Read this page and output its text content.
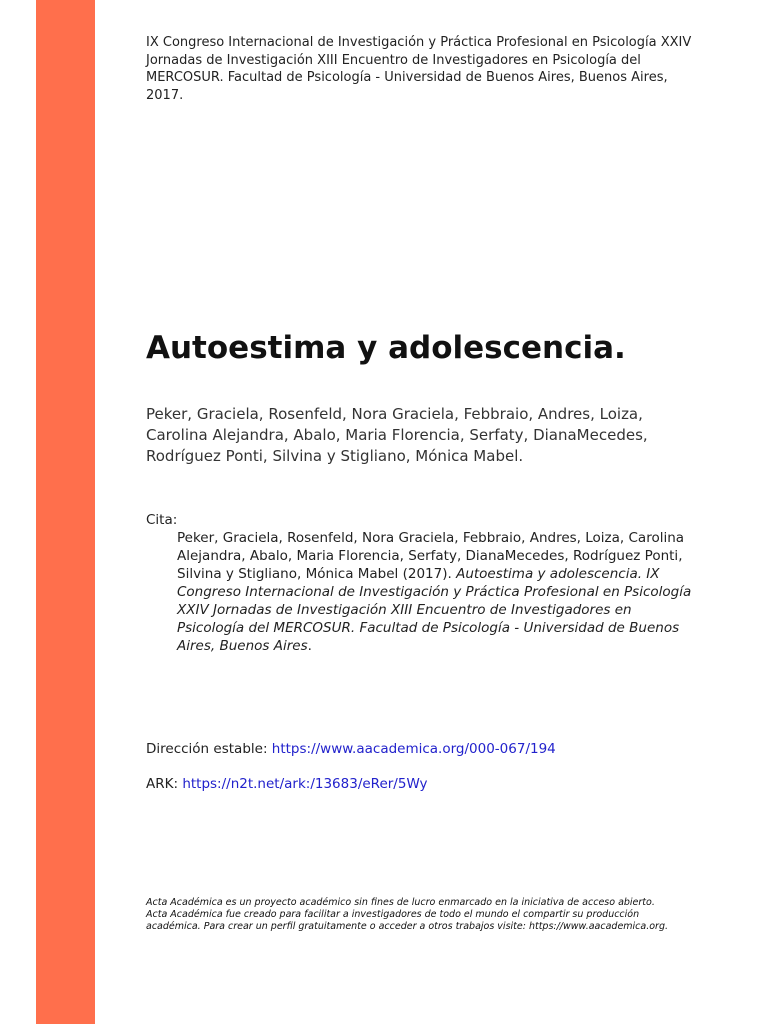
IX Congreso Internacional de Investigación y Práctica Profesional en Psicología XXIV Jornadas de Investigación XIII Encuentro de Investigadores en Psicología del MERCOSUR. Facultad de Psicología - Universidad de Buenos Aires, Buenos Aires, 2017.
Autoestima y adolescencia.
Peker, Graciela, Rosenfeld, Nora Graciela, Febbraio, Andres, Loiza, Carolina Alejandra, Abalo, Maria Florencia, Serfaty, DianaMecedes, Rodríguez Ponti, Silvina y Stigliano, Mónica Mabel.
Cita:
Peker, Graciela, Rosenfeld, Nora Graciela, Febbraio, Andres, Loiza, Carolina Alejandra, Abalo, Maria Florencia, Serfaty, DianaMecedes, Rodríguez Ponti, Silvina y Stigliano, Mónica Mabel (2017). Autoestima y adolescencia. IX Congreso Internacional de Investigación y Práctica Profesional en Psicología XXIV Jornadas de Investigación XIII Encuentro de Investigadores en Psicología del MERCOSUR. Facultad de Psicología - Universidad de Buenos Aires, Buenos Aires.
Dirección estable: https://www.aacademica.org/000-067/194
ARK: https://n2t.net/ark:/13683/eRer/5Wy
Acta Académica es un proyecto académico sin fines de lucro enmarcado en la iniciativa de acceso abierto. Acta Académica fue creado para facilitar a investigadores de todo el mundo el compartir su producción académica. Para crear un perfil gratuitamente o acceder a otros trabajos visite: https://www.aacademica.org.
